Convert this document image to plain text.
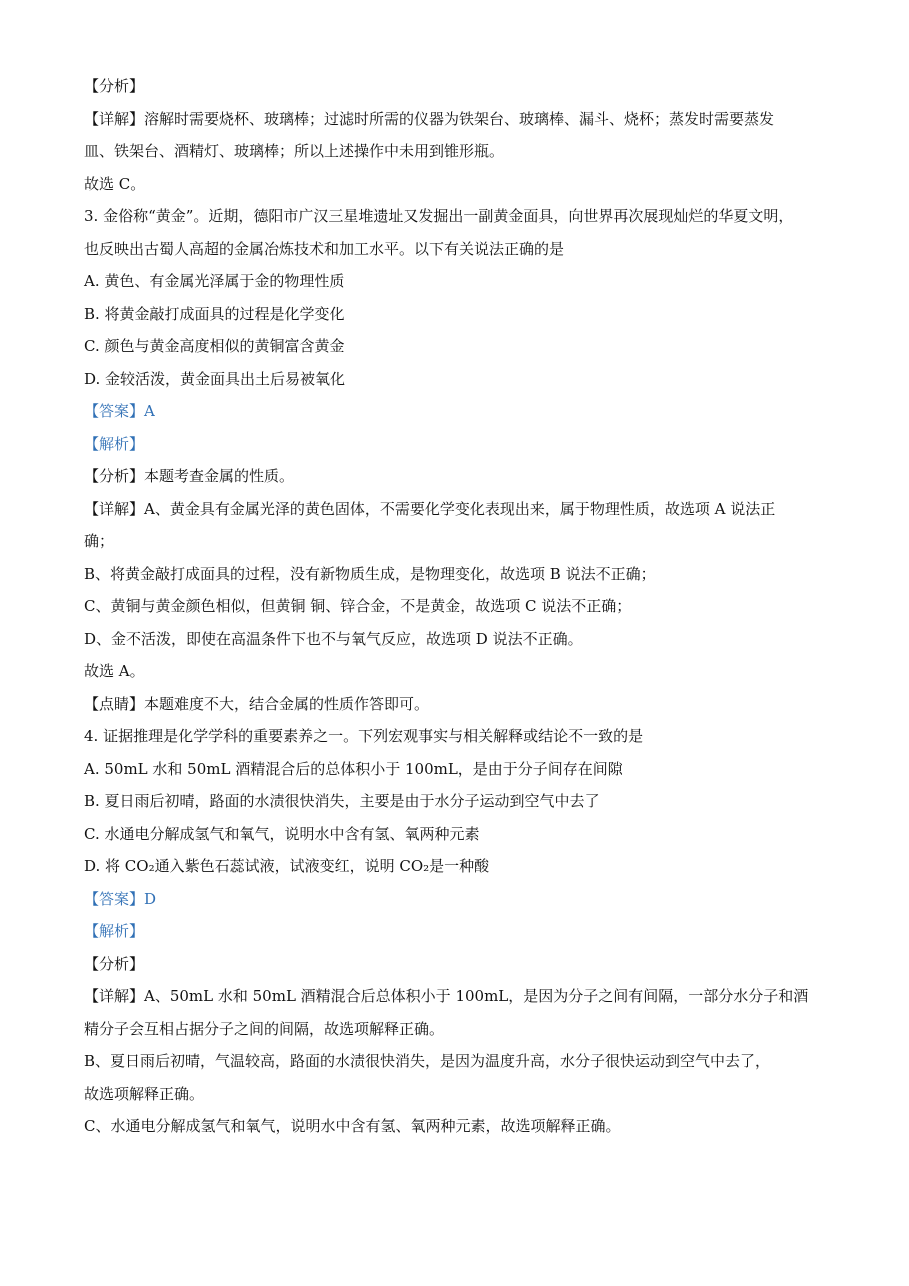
【分析】
【详解】溶解时需要烧杯、玻璃棒；过滤时所需的仪器为铁架台、玻璃棒、漏斗、烧杯；蒸发时需要蒸发
皿、铁架台、酒精灯、玻璃棒；所以上述操作中未用到锥形瓶。
故选 C。
3. 金俗称“黄金”。近期，德阳市广汉三星堆遗址又发掘出一副黄金面具，向世界再次展现灿烂的华夏文明，
也反映出古蜀人高超的金属冶炼技术和加工水平。以下有关说法正确的是
A. 黄色、有金属光泽属于金的物理性质
B. 将黄金敲打成面具的过程是化学变化
C. 颜色与黄金高度相似的黄铜富含黄金
D. 金较活泼，黄金面具出土后易被氧化
【答案】A
【解析】
【分析】本题考查金属的性质。
【详解】A、黄金具有金属光泽的黄色固体，不需要化学变化表现出来，属于物理性质，故选项 A 说法正
确；
B、将黄金敲打成面具的过程，没有新物质生成，是物理变化，故选项 B 说法不正确；
C、黄铜与黄金颜色相似，但黄铜 铜、锌合金，不是黄金，故选项 C 说法不正确；
D、金不活泼，即使在高温条件下也不与氧气反应，故选项 D 说法不正确。
故选 A。
【点睛】本题难度不大，结合金属的性质作答即可。
4. 证据推理是化学学科的重要素养之一。下列宏观事实与相关解释或结论不一致的是
A. 50mL 水和 50mL 酒精混合后的总体积小于 100mL，是由于分子间存在间隙
B. 夏日雨后初晴，路面的水渍很快消失，主要是由于水分子运动到空气中去了
C. 水通电分解成氢气和氧气，说明水中含有氢、氧两种元素
D. 将 CO₂通入紫色石蕊试液，试液变红，说明 CO₂是一种酸
【答案】D
【解析】
【分析】
【详解】A、50mL 水和 50mL 酒精混合后总体积小于 100mL，是因为分子之间有间隔，一部分水分子和酒
精分子会互相占据分子之间的间隔，故选项解释正确。
B、夏日雨后初晴，气温较高，路面的水渍很快消失，是因为温度升高，水分子很快运动到空气中去了，
故选项解释正确。
C、水通电分解成氢气和氧气，说明水中含有氢、氧两种元素，故选项解释正确。
